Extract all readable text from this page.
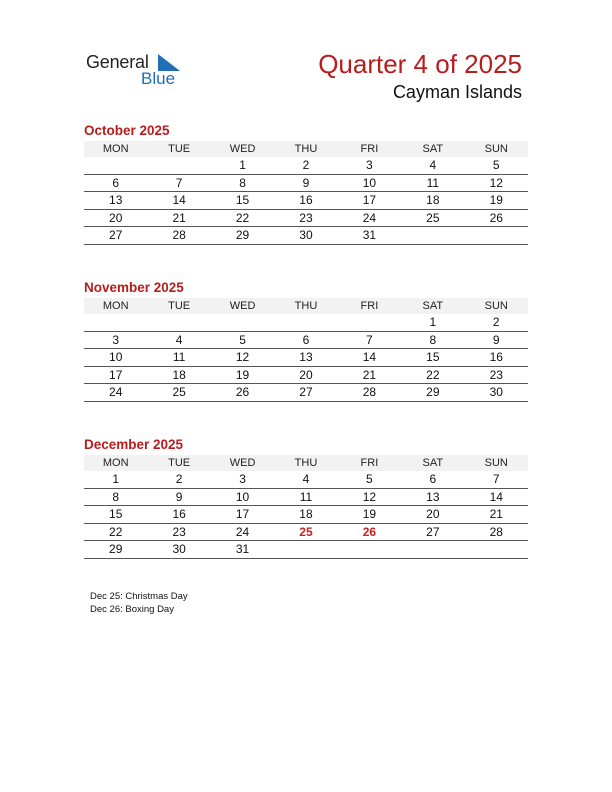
General
Blue	Quarter 4 of 2025
Cayman Islands
October 2025
MON	TUE	WED	THU	FRI	SAT	SUN
		1	2	3	4	5
6	7	8	9	10	11	12
13	14	15	16	17	18	19
20	21	22	23	24	25	26
27	28	29	30	31		
November 2025
MON	TUE	WED	THU	FRI	SAT	SUN
					1	2
3	4	5	6	7	8	9
10	11	12	13	14	15	16
17	18	19	20	21	22	23
24	25	26	27	28	29	30
December 2025
MON	TUE	WED	THU	FRI	SAT	SUN
1	2	3	4	5	6	7
8	9	10	11	12	13	14
15	16	17	18	19	20	21
22	23	24	25	26	27	28
29	30	31				
Dec 25: Christmas Day
Dec 26: Boxing Day
